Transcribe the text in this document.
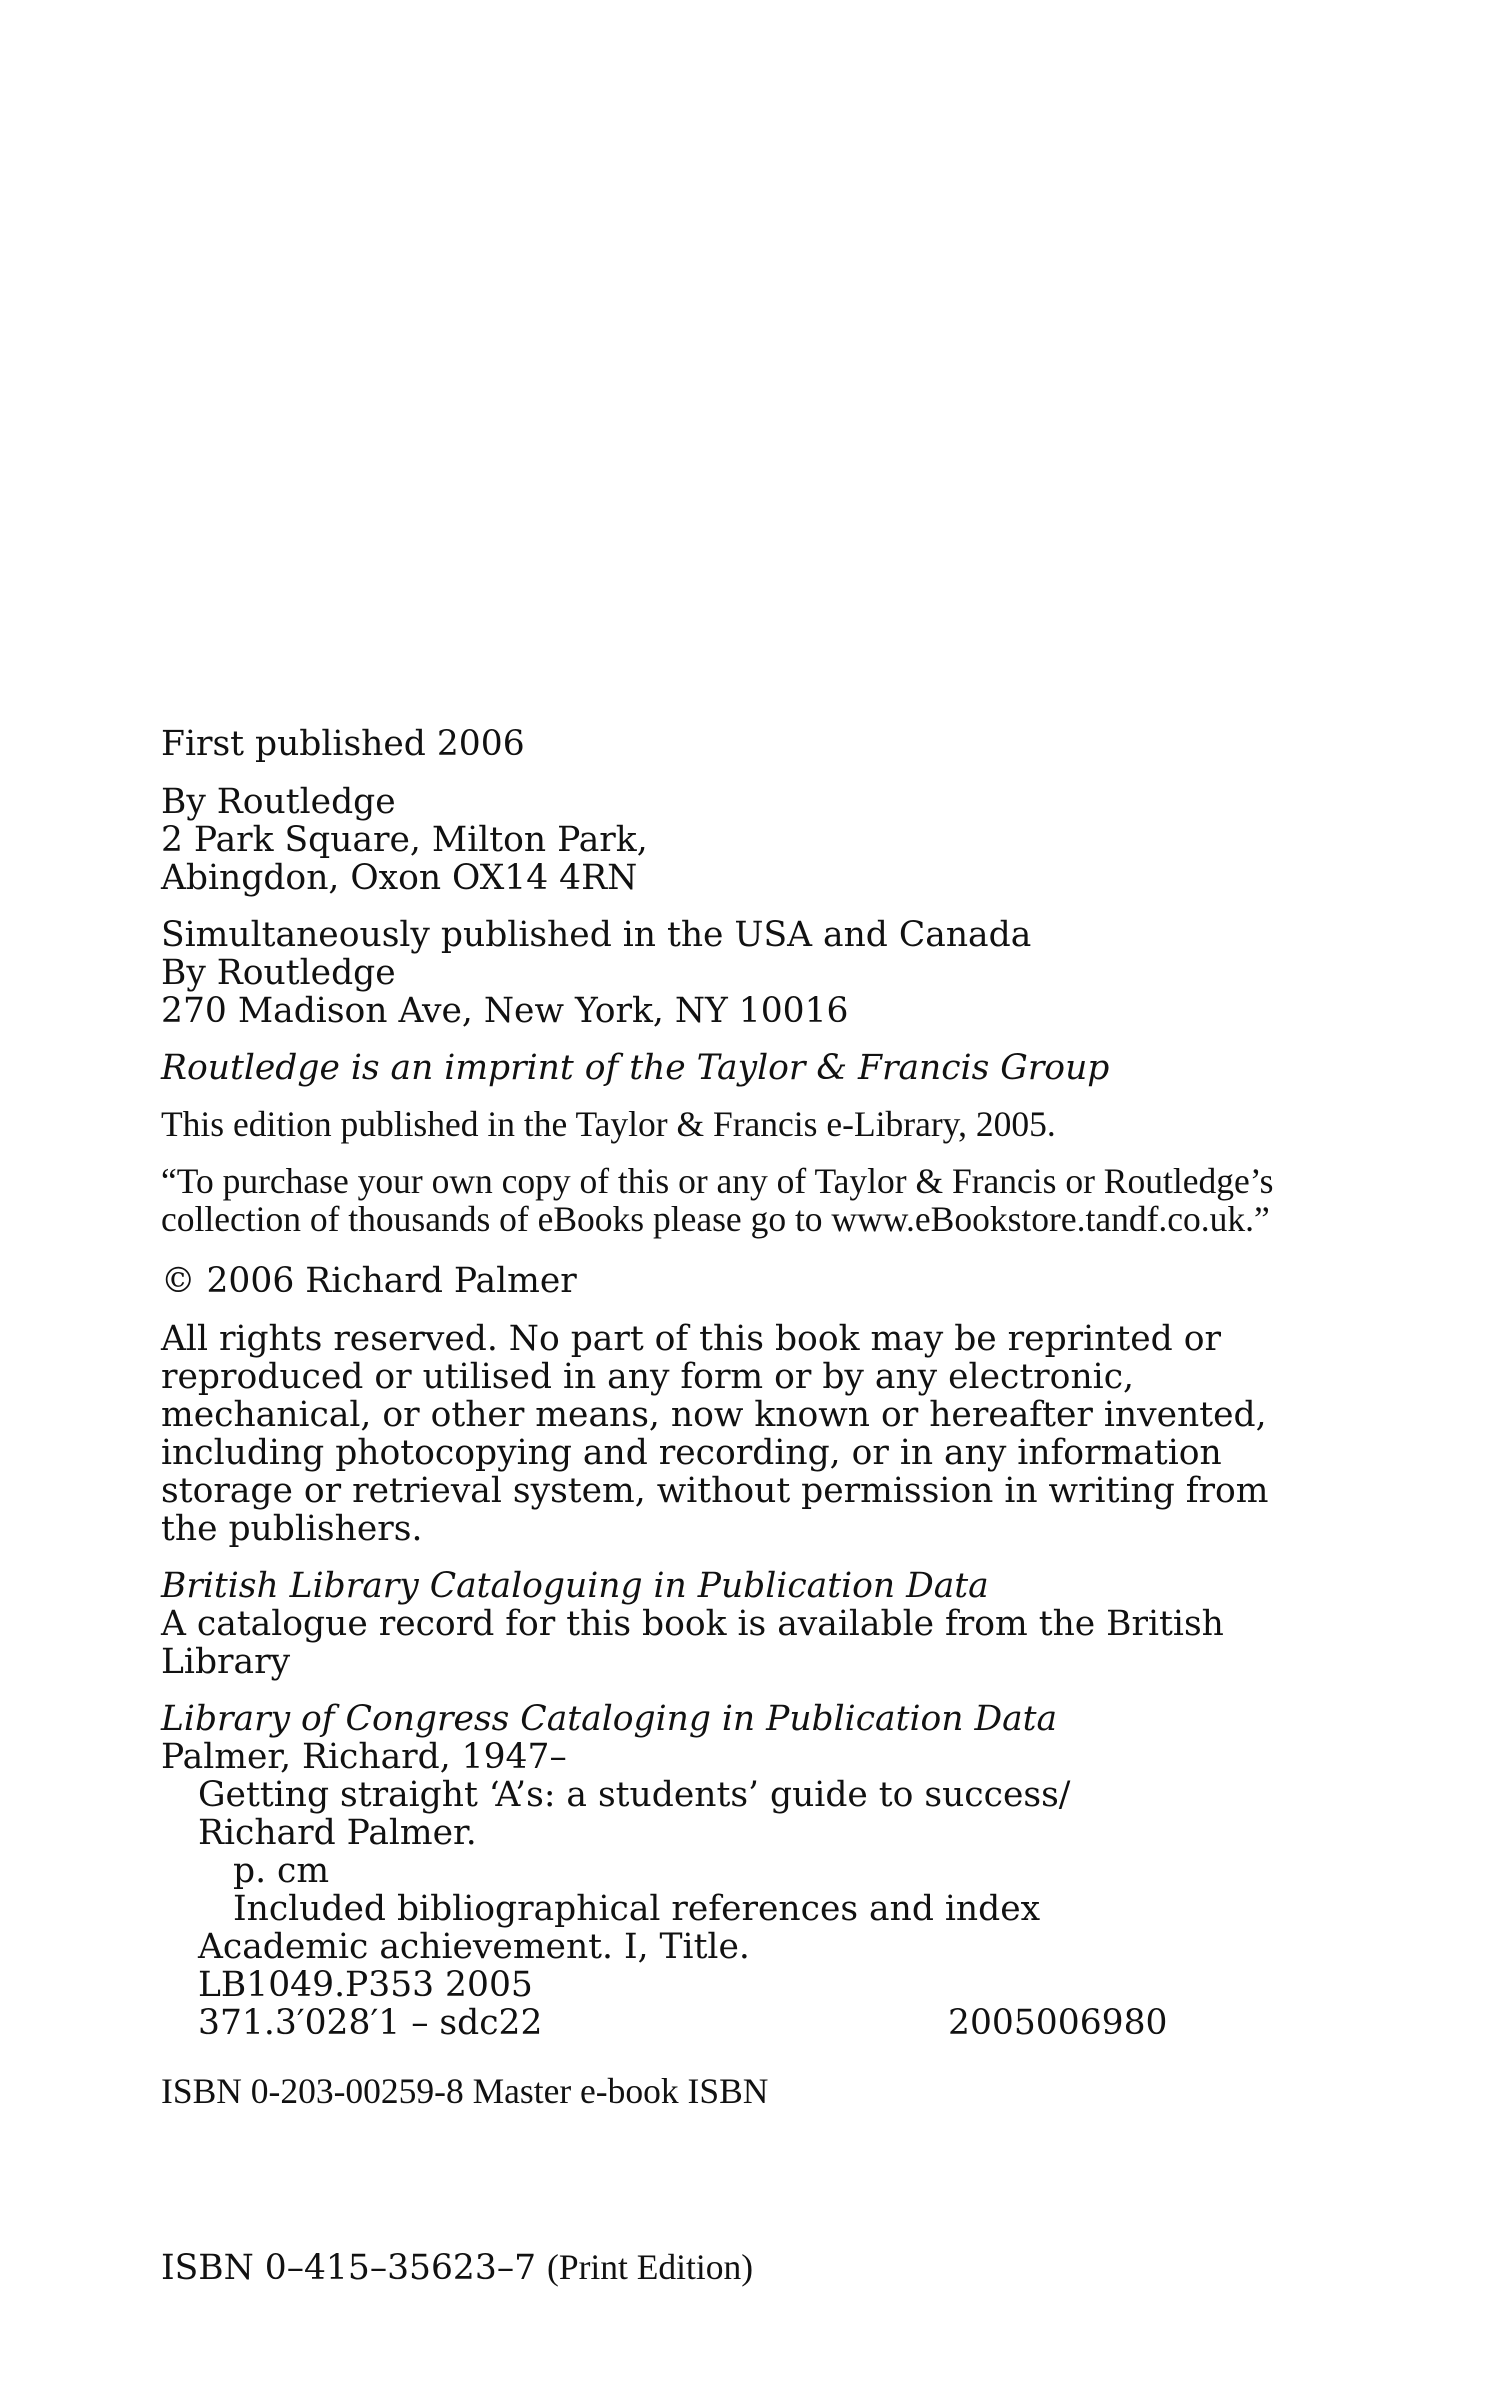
First published 2006
By Routledge
2 Park Square, Milton Park,
Abingdon, Oxon OX14 4RN
Simultaneously published in the USA and Canada
By Routledge
270 Madison Ave, New York, NY 10016
Routledge is an imprint of the Taylor & Francis Group
This edition published in the Taylor & Francis e-Library, 2005.
“To purchase your own copy of this or any of Taylor & Francis or Routledge’s
collection of thousands of eBooks please go to www.eBookstore.tandf.co.uk.”
© 2006 Richard Palmer
All rights reserved. No part of this book may be reprinted or
reproduced or utilised in any form or by any electronic,
mechanical, or other means, now known or hereafter invented,
including photocopying and recording, or in any information
storage or retrieval system, without permission in writing from
the publishers.
British Library Cataloguing in Publication Data
A catalogue record for this book is available from the British
Library
Library of Congress Cataloging in Publication Data
Palmer, Richard, 1947–
Getting straight ‘A’s: a students’ guide to success/
Richard Palmer.
p. cm
Included bibliographical references and index
Academic achievement. I, Title.
LB1049.P353 2005
371.3′028′1 – sdc22	2005006980
ISBN 0-203-00259-8 Master e-book ISBN
ISBN 0–415–35623–7 (Print Edition)
